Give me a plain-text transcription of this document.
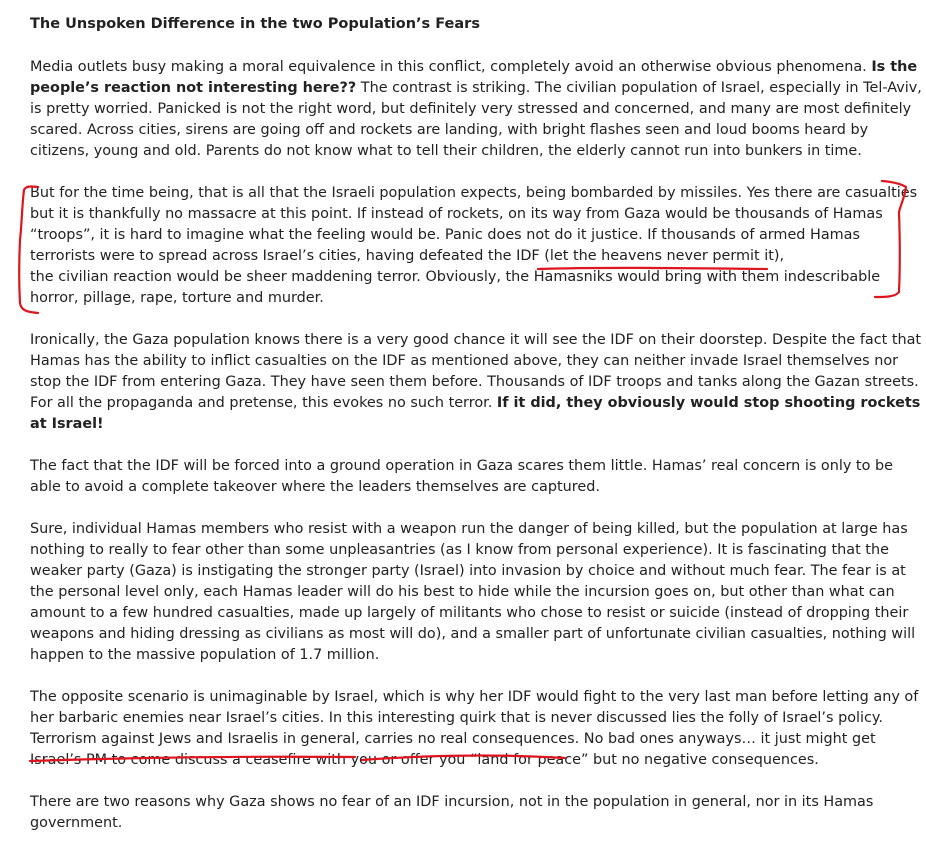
The Unspoken Difference in the two Population’s Fears
Media outlets busy making a moral equivalence in this conflict, completely avoid an otherwise obvious phenomena. Is the
people’s reaction not interesting here?? The contrast is striking. The civilian population of Israel, especially in Tel-Aviv,
is pretty worried. Panicked is not the right word, but definitely very stressed and concerned, and many are most definitely
scared. Across cities, sirens are going off and rockets are landing, with bright flashes seen and loud booms heard by
citizens, young and old. Parents do not know what to tell their children, the elderly cannot run into bunkers in time.
But for the time being, that is all that the Israeli population expects, being bombarded by missiles. Yes there are casualties
but it is thankfully no massacre at this point. If instead of rockets, on its way from Gaza would be thousands of Hamas
“troops”, it is hard to imagine what the feeling would be. Panic does not do it justice. If thousands of armed Hamas
terrorists were to spread across Israel’s cities, having defeated the IDF (let the heavens never permit it),
the civilian reaction would be sheer maddening terror. Obviously, the Hamasniks would bring with them indescribable
horror, pillage, rape, torture and murder.
Ironically, the Gaza population knows there is a very good chance it will see the IDF on their doorstep. Despite the fact that
Hamas has the ability to inflict casualties on the IDF as mentioned above, they can neither invade Israel themselves nor
stop the IDF from entering Gaza. They have seen them before. Thousands of IDF troops and tanks along the Gazan streets.
For all the propaganda and pretense, this evokes no such terror. If it did, they obviously would stop shooting rockets
at Israel!
The fact that the IDF will be forced into a ground operation in Gaza scares them little. Hamas’ real concern is only to be
able to avoid a complete takeover where the leaders themselves are captured.
Sure, individual Hamas members who resist with a weapon run the danger of being killed, but the population at large has
nothing to really to fear other than some unpleasantries (as I know from personal experience). It is fascinating that the
weaker party (Gaza) is instigating the stronger party (Israel) into invasion by choice and without much fear. The fear is at
the personal level only, each Hamas leader will do his best to hide while the incursion goes on, but other than what can
amount to a few hundred casualties, made up largely of militants who chose to resist or suicide (instead of dropping their
weapons and hiding dressing as civilians as most will do), and a smaller part of unfortunate civilian casualties, nothing will
happen to the massive population of 1.7 million.
The opposite scenario is unimaginable by Israel, which is why her IDF would fight to the very last man before letting any of
her barbaric enemies near Israel’s cities. In this interesting quirk that is never discussed lies the folly of Israel’s policy.
Terrorism against Jews and Israelis in general, carries no real consequences. No bad ones anyways… it just might get
Israel’s PM to come discuss a ceasefire with you or offer you “land for peace” but no negative consequences.
There are two reasons why Gaza shows no fear of an IDF incursion, not in the population in general, nor in its Hamas
government.
